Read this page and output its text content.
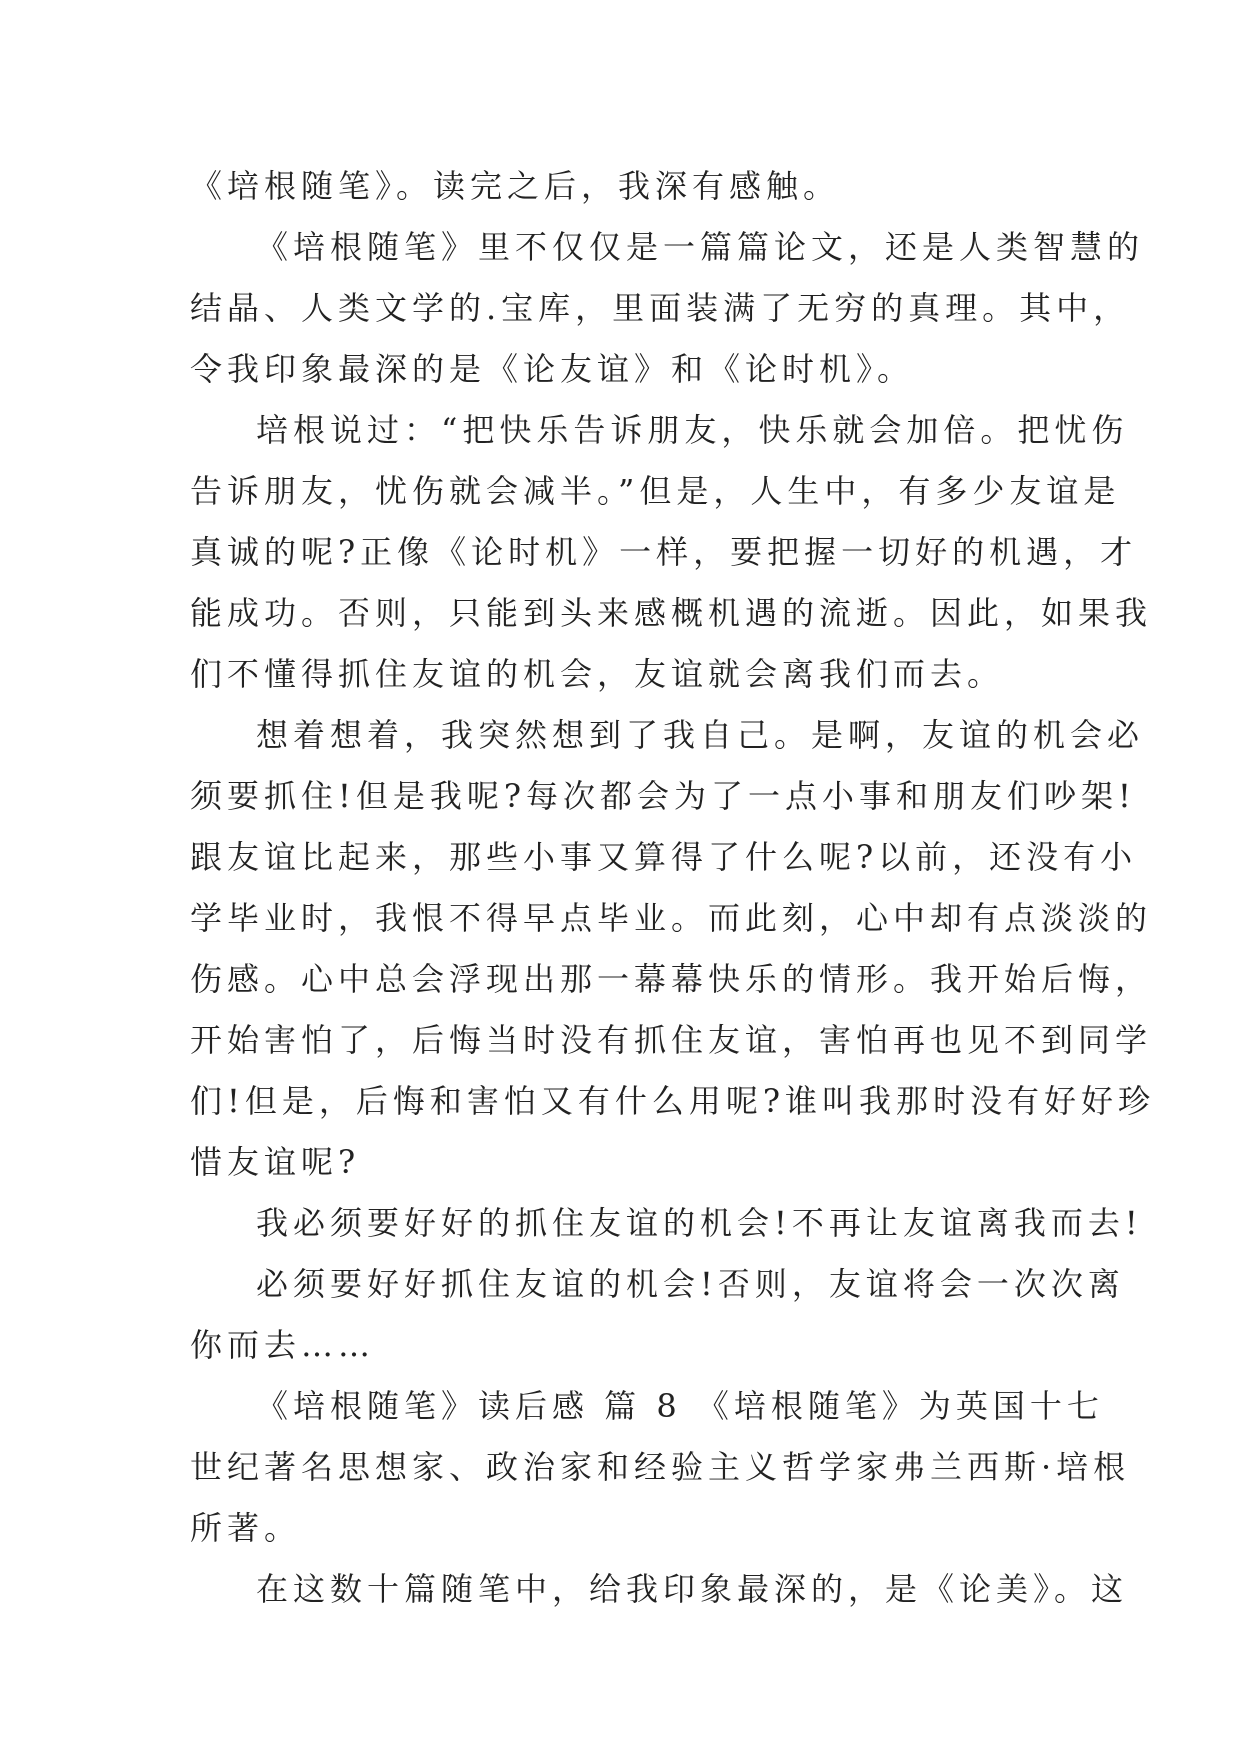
《培根随笔》。读完之后，我深有感触。
《培根随笔》里不仅仅是一篇篇论文，还是人类智慧的
结晶、人类文学的.宝库，里面装满了无穷的真理。其中，
令我印象最深的是《论友谊》和《论时机》。
培根说过：“把快乐告诉朋友，快乐就会加倍。把忧伤
告诉朋友，忧伤就会减半。”但是，人生中，有多少友谊是
真诚的呢?正像《论时机》一样，要把握一切好的机遇，才
能成功。否则，只能到头来感概机遇的流逝。因此，如果我
们不懂得抓住友谊的机会，友谊就会离我们而去。
想着想着，我突然想到了我自己。是啊，友谊的机会必
须要抓住!但是我呢?每次都会为了一点小事和朋友们吵架!
跟友谊比起来，那些小事又算得了什么呢?以前，还没有小
学毕业时，我恨不得早点毕业。而此刻，心中却有点淡淡的
伤感。心中总会浮现出那一幕幕快乐的情形。我开始后悔，
开始害怕了，后悔当时没有抓住友谊，害怕再也见不到同学
们!但是，后悔和害怕又有什么用呢?谁叫我那时没有好好珍
惜友谊呢?
我必须要好好的抓住友谊的机会!不再让友谊离我而去!
必须要好好抓住友谊的机会!否则，友谊将会一次次离
你而去……
《培根随笔》读后感 篇 8 《培根随笔》为英国十七
世纪著名思想家、政治家和经验主义哲学家弗兰西斯·培根
所著。
在这数十篇随笔中，给我印象最深的，是《论美》。这
